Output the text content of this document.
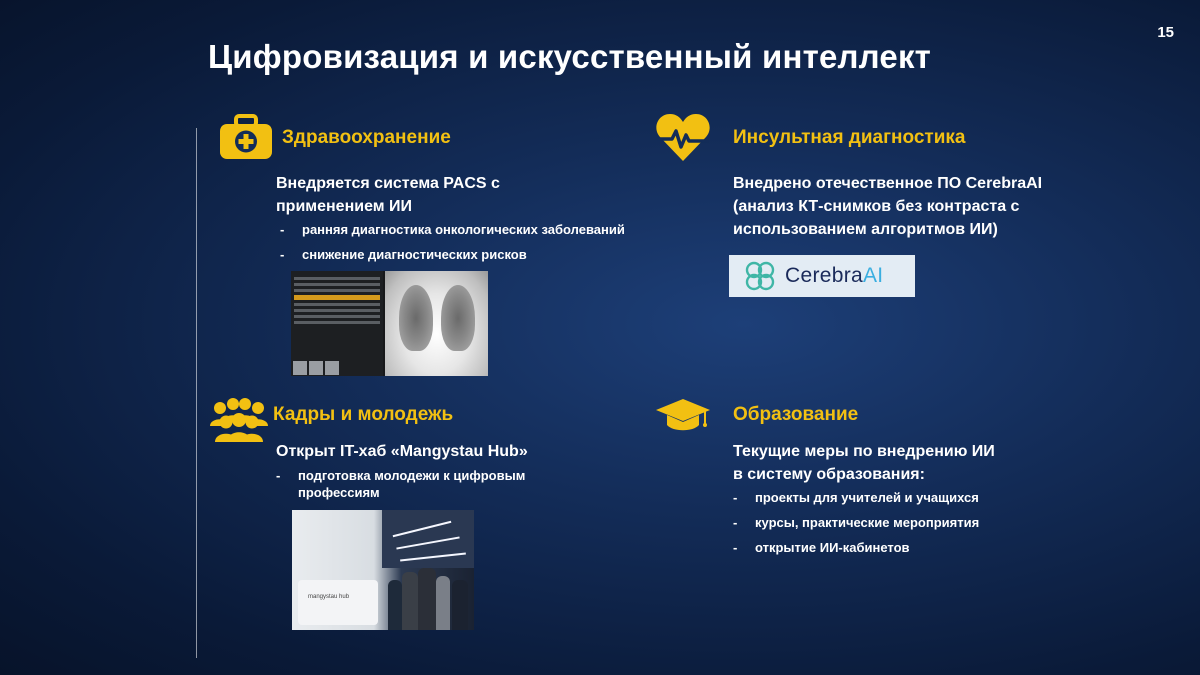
15
Цифровизация и искусственный интеллект
Здравоохранение
Внедряется система PACS с
применением ИИ
- ранняя диагностика онкологических заболеваний
- снижение диагностических рисков
Инсультная диагностика
Внедрено отечественное ПО CerebraAI
(анализ КТ-снимков без контраста с
использованием алгоритмов ИИ)
CerebraAI
Кадры и молодежь
Открыт IT-хаб «Mangystau Hub»
- подготовка молодежи к цифровым профессиям
mangystau hub
Образование
Текущие меры по внедрению ИИ
в систему образования:
- проекты для учителей и учащихся
- курсы, практические мероприятия
- открытие ИИ-кабинетов
